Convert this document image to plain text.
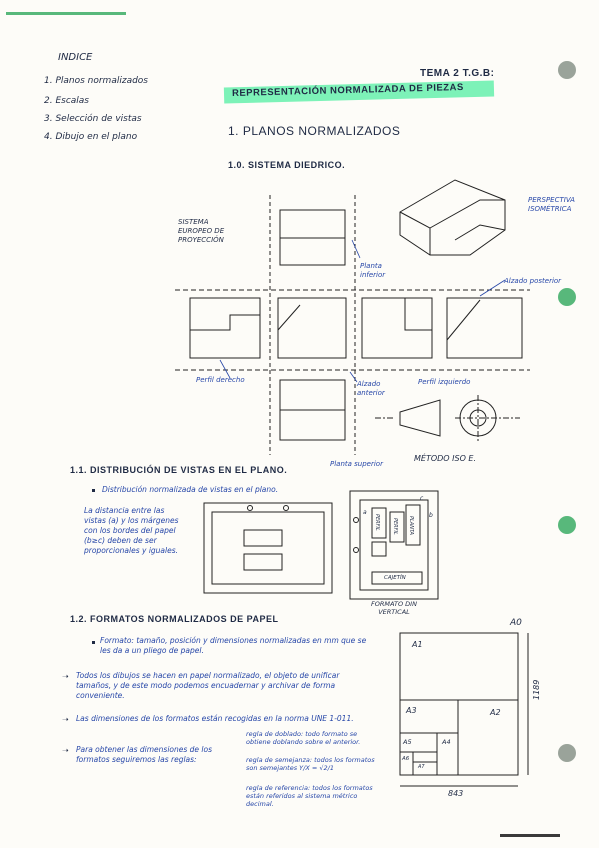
INDICE
1. Planos normalizados
2. Escalas
3. Selección de vistas
4. Dibujo en el plano
TEMA 2 T.G.B:
REPRESENTACIÓN NORMALIZADA DE PIEZAS
1. PLANOS NORMALIZADOS
1.0. SISTEMA DIEDRICO.
SISTEMA EUROPEO DE PROYECCIÓN
PERSPECTIVA ISOMÉTRICA
Planta inferior
Alzado posterior
Perfil derecho	Alzado anterior
Perfil izquierdo
Planta superior
MÉTODO ISO E.
1.1. DISTRIBUCIÓN DE VISTAS EN EL PLANO.
Distribución normalizada de vistas en el plano.
La distancia entre las vistas (a) y los márgenes con los bordes del papel (b≥c) deben de ser proporcionales y iguales.
PERFIL PERFIL PLANTA
CAJETÍN
a	b
c
FORMATO DIN VERTICAL
1.2. FORMATOS NORMALIZADOS DE PAPEL
Formato: tamaño, posición y dimensiones normalizadas en mm que se les da a un pliego de papel.
➝ Todos los dibujos se hacen en papel normalizado, el objeto de unificar tamaños, y de este modo podemos encuadernar y archivar de forma conveniente.
➝ Las dimensiones de los formatos están recogidas en la norma UNE 1-011.
➝ Para obtener las dimensiones de los formatos seguiremos las reglas:
regla de doblado: todo formato se obtiene doblando sobre el anterior.
regla de semejanza: todos los formatos son semejantes Y/X = √2/1
regla de referencia: todos los formatos están referidos al sistema métrico decimal.
A0
A1
A2
A3
A4
A5
A6
A7
843
1189
